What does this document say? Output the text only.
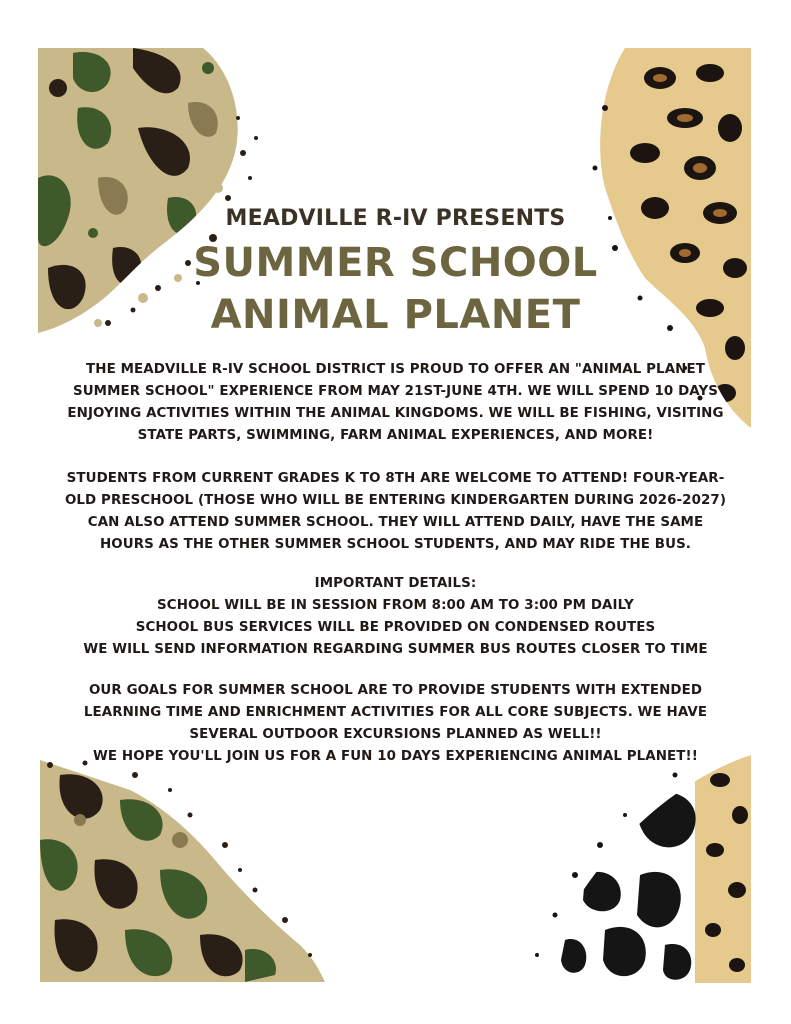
MEADVILLE R-IV PRESENTS
SUMMER SCHOOL
ANIMAL PLANET

THE MEADVILLE R-IV SCHOOL DISTRICT IS PROUD TO OFFER AN "ANIMAL PLANET

SUMMER SCHOOL" EXPERIENCE FROM MAY 21ST-JUNE 4TH. WE WILL SPEND 10 DAYS

ENJOYING ACTIVITIES WITHIN THE ANIMAL KINGDOMS. WE WILL BE FISHING, VISITING

STATE PARTS, SWIMMING, FARM ANIMAL EXPERIENCES, AND MORE!

STUDENTS FROM CURRENT GRADES K TO 8TH ARE WELCOME TO ATTEND! FOUR-YEAR-

OLD PRESCHOOL (THOSE WHO WILL BE ENTERING KINDERGARTEN DURING 2026-2027)

CAN ALSO ATTEND SUMMER SCHOOL. THEY WILL ATTEND DAILY, HAVE THE SAME

HOURS AS THE OTHER SUMMER SCHOOL STUDENTS, AND MAY RIDE THE BUS.

IMPORTANT DETAILS:

SCHOOL WILL BE IN SESSION FROM 8:00 AM TO 3:00 PM DAILY

SCHOOL BUS SERVICES WILL BE PROVIDED ON CONDENSED ROUTES

WE WILL SEND INFORMATION REGARDING SUMMER BUS ROUTES CLOSER TO TIME

OUR GOALS FOR SUMMER SCHOOL ARE TO PROVIDE STUDENTS WITH EXTENDED

LEARNING TIME AND ENRICHMENT ACTIVITIES FOR ALL CORE SUBJECTS. WE HAVE

SEVERAL OUTDOOR EXCURSIONS PLANNED AS WELL!!

WE HOPE YOU'LL JOIN US FOR A FUN 10 DAYS EXPERIENCING ANIMAL PLANET!!
